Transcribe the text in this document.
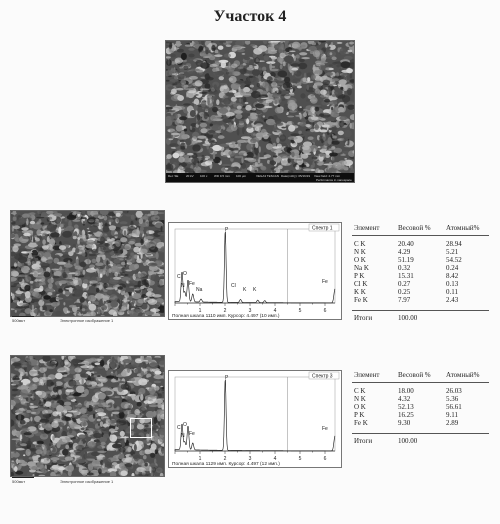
Участок 4
Det: SE	20 kV 100 x WD 9.5 mm 100 μm	VEGA3 TESCAN Date(m/d/y): 05/16/19 View field: 2.77 mm
Performance in nanospace
500мкт	Электронное изображение 1
1	2	3	4	5	6
C
N
O
Fe
Na
P
Cl
K K
Fe
Спектр 1
Полная шкала 1110 имп. Курсор: 4.497 (10 имп.)
Элемент	Весовой %	Атомный%
C K	20.40	28.94
N K	4.29	5.21
O K	51.19	54.52
Na K	0.32	0.24
P K	15.31	8.42
Cl K	0.27	0.13
K K	0.25	0.11
Fe K	7.97	2.43

Итоги	100.00	
500мкт	Электронное изображение 1
1	2	3	4	5	6
C
N
O
Fe
P
Fe
Спектр 3
Полная шкала 1129 имп. Курсор: 4.497 (12 имп.)
Элемент	Весовой %	Атомный%
C K	18.00	26.03
N K	4.32	5.36
O K	52.13	56.61
P K	16.25	9.11
Fe K	9.30	2.89

Итоги	100.00	
